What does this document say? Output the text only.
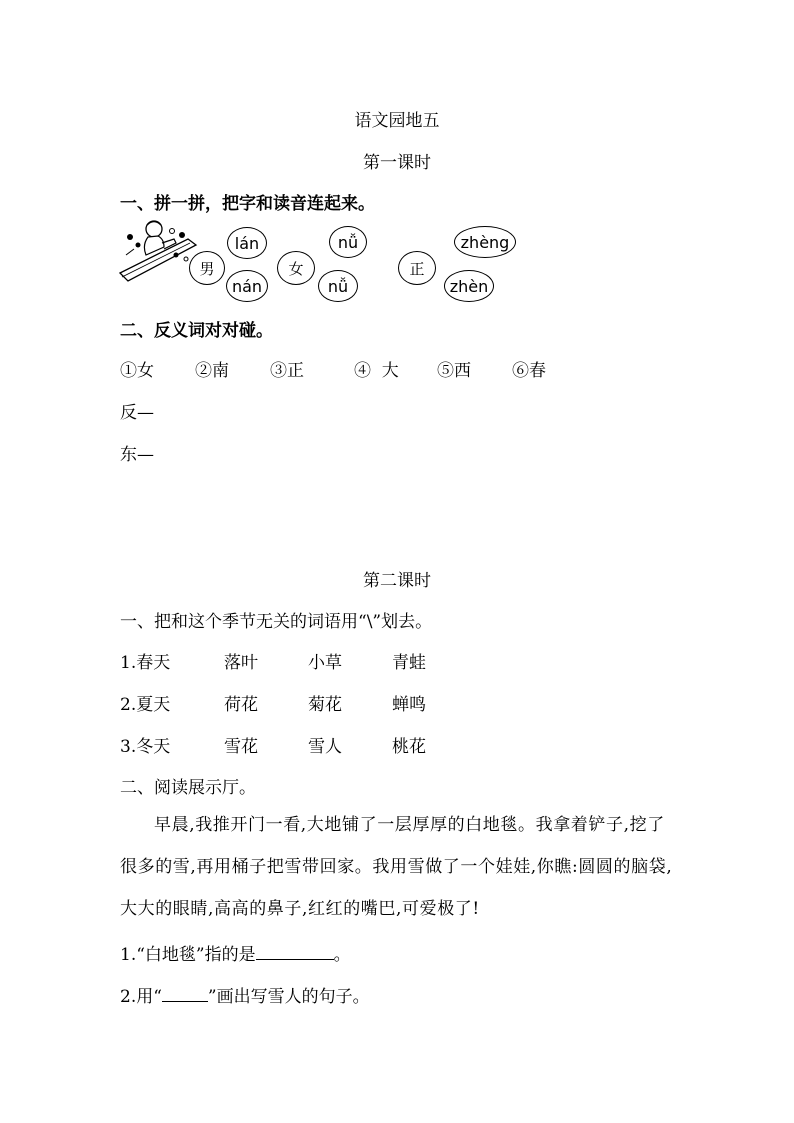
语文园地五
第一课时
一、拼一拼，把字和读音连起来。
lán	nǚ	zhèng
nán	nǚ	zhèn
男	女	正
二、反义词对对碰。
①女 ②南 ③正	④  大 ⑤西 ⑥春
反—
东—
第二课时
一、把和这个季节无关的词语用“\”划去。
1.春天	落叶	小草	青蛙
2.夏天	荷花	菊花	蝉鸣
3.冬天	雪花	雪人	桃花
二、阅读展示厅。
早晨,我推开门一看,大地铺了一层厚厚的白地毯。我拿着铲子,挖了很多的雪,再用桶子把雪带回家。我用雪做了一个娃娃,你瞧:圆圆的脑袋,大大的眼睛,高高的鼻子,红红的嘴巴,可爱极了!
1.“白地毯”指的是	。
2.用“	”画出写雪人的句子。
